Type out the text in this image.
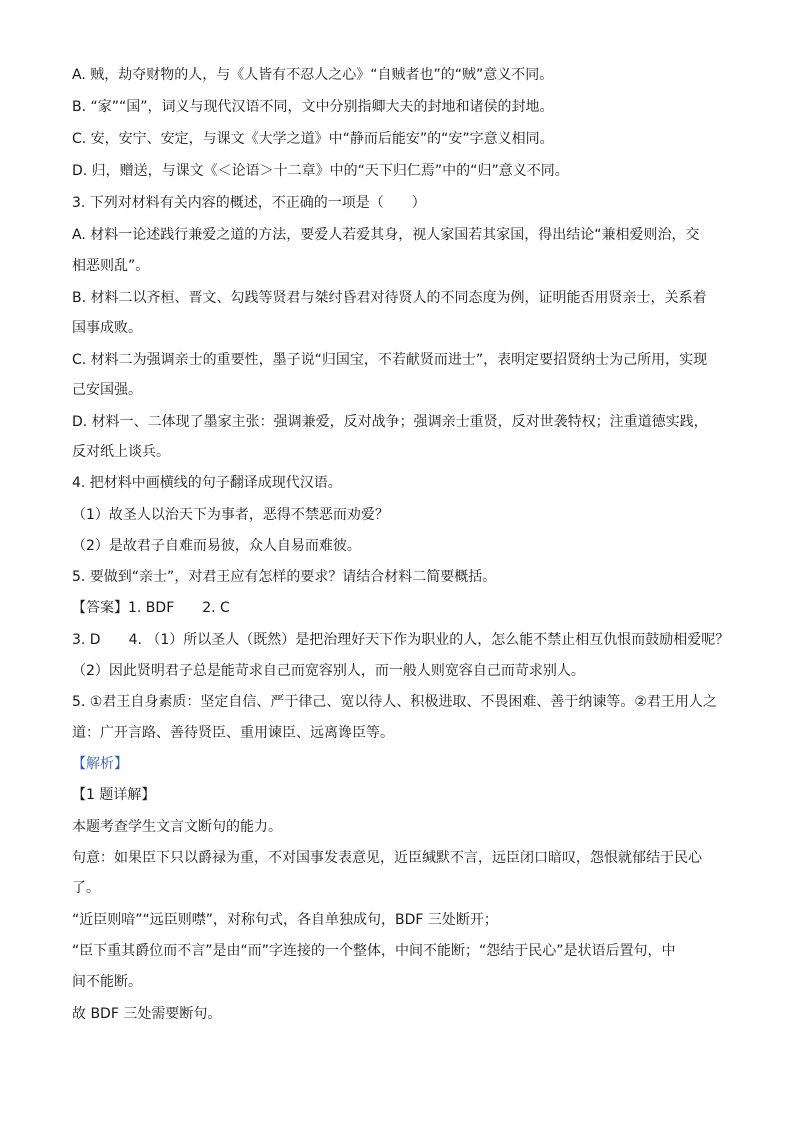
A. 贼，劫夺财物的人，与《人皆有不忍人之心》“自贼者也”的“贼”意义不同。
B. “家”“国”，词义与现代汉语不同，文中分别指卿大夫的封地和诸侯的封地。
C. 安，安宁、安定，与课文《大学之道》中“静而后能安”的“安”字意义相同。
D. 归，赠送，与课文《＜论语＞十二章》中的“天下归仁焉”中的“归”意义不同。
3. 下列对材料有关内容的概述，不正确的一项是（　　）
A. 材料一论述践行兼爱之道的方法，要爱人若爱其身，视人家国若其家国，得出结论“兼相爱则治，交
相恶则乱”。
B. 材料二以齐桓、晋文、勾践等贤君与桀纣昏君对待贤人的不同态度为例，证明能否用贤亲士，关系着
国事成败。
C. 材料二为强调亲士的重要性，墨子说“归国宝，不若献贤而进士”，表明定要招贤纳士为己所用，实现
己安国强。
D. 材料一、二体现了墨家主张：强调兼爱，反对战争；强调亲士重贤，反对世袭特权；注重道德实践，
反对纸上谈兵。
4. 把材料中画横线的句子翻译成现代汉语。
（1）故圣人以治天下为事者，恶得不禁恶而劝爱？
（2）是故君子自难而易彼，众人自易而难彼。
5. 要做到“亲士”，对君王应有怎样的要求？请结合材料二简要概括。
【答案】1. BDF　　2. C
3. D　　4. （1）所以圣人（既然）是把治理好天下作为职业的人，怎么能不禁止相互仇恨而鼓励相爱呢？
（2）因此贤明君子总是能苛求自己而宽容别人，而一般人则宽容自己而苛求别人。
5. ①君王自身素质：坚定自信、严于律己、宽以待人、积极进取、不畏困难、善于纳谏等。②君王用人之
道：广开言路、善待贤臣、重用谏臣、远离谗臣等。
【解析】
【1 题详解】
本题考查学生文言文断句的能力。
句意：如果臣下只以爵禄为重，不对国事发表意见，近臣缄默不言，远臣闭口暗叹，怨恨就郁结于民心
了。
“近臣则喑”“远臣则噤”，对称句式，各自单独成句，BDF 三处断开；
“臣下重其爵位而不言”是由“而”字连接的一个整体，中间不能断；“怨结于民心”是状语后置句，中
间不能断。
故 BDF 三处需要断句。
